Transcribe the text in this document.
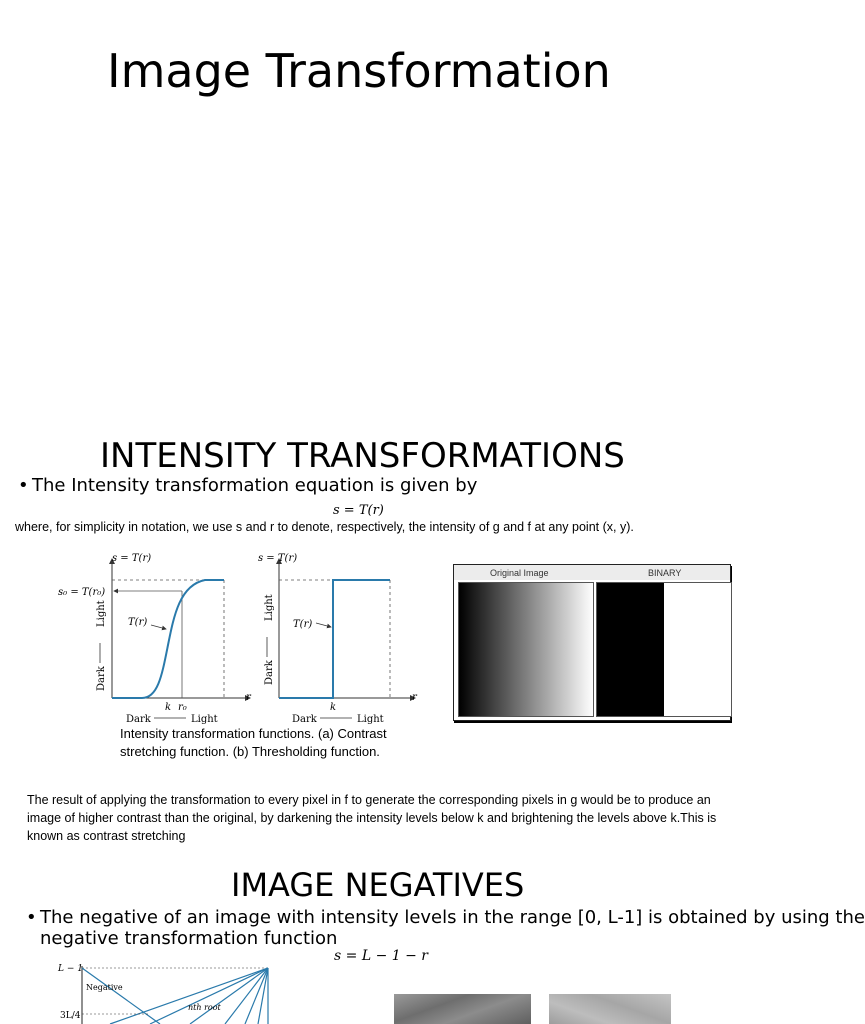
Image Transformation
INTENSITY TRANSFORMATIONS
• The Intensity transformation equation is given by
s = T(r)
where, for simplicity in notation, we use s and r to denote, respectively, the intensity of g and f at any point (x, y).
s = T(r)
s₀ = T(r₀)
T(r)
Light
Dark
k r₀
r
Dark	Light
s = T(r)
T(r)
Light
Dark
k
r
Dark	Light
Intensity transformation functions. (a) Contrast
stretching function. (b) Thresholding function.
Original Image	BINARY
The result of applying the transformation to every pixel in f to generate the corresponding pixels in g would be to produce an
image of higher contrast than the original, by darkening the intensity levels below k and brightening the levels above k.This is
known as contrast stretching
IMAGE NEGATIVES
• The negative of an image with intensity levels in the range [0, L-1] is obtained by using the
negative transformation function
s = L − 1 − r
L − 1
3L/4
Negative
nth root
